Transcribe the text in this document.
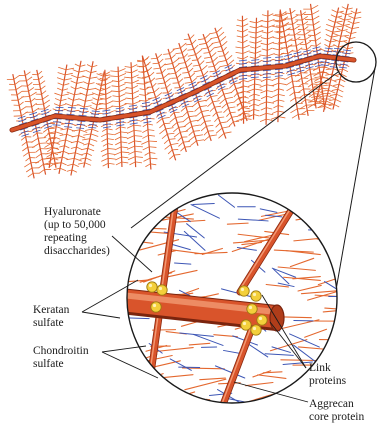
Hyaluronate
(up to 50,000
repeating
disaccharides)

Keratan
sulfate

Chondroitin
sulfate	Link
proteins

Aggrecan
core protein
